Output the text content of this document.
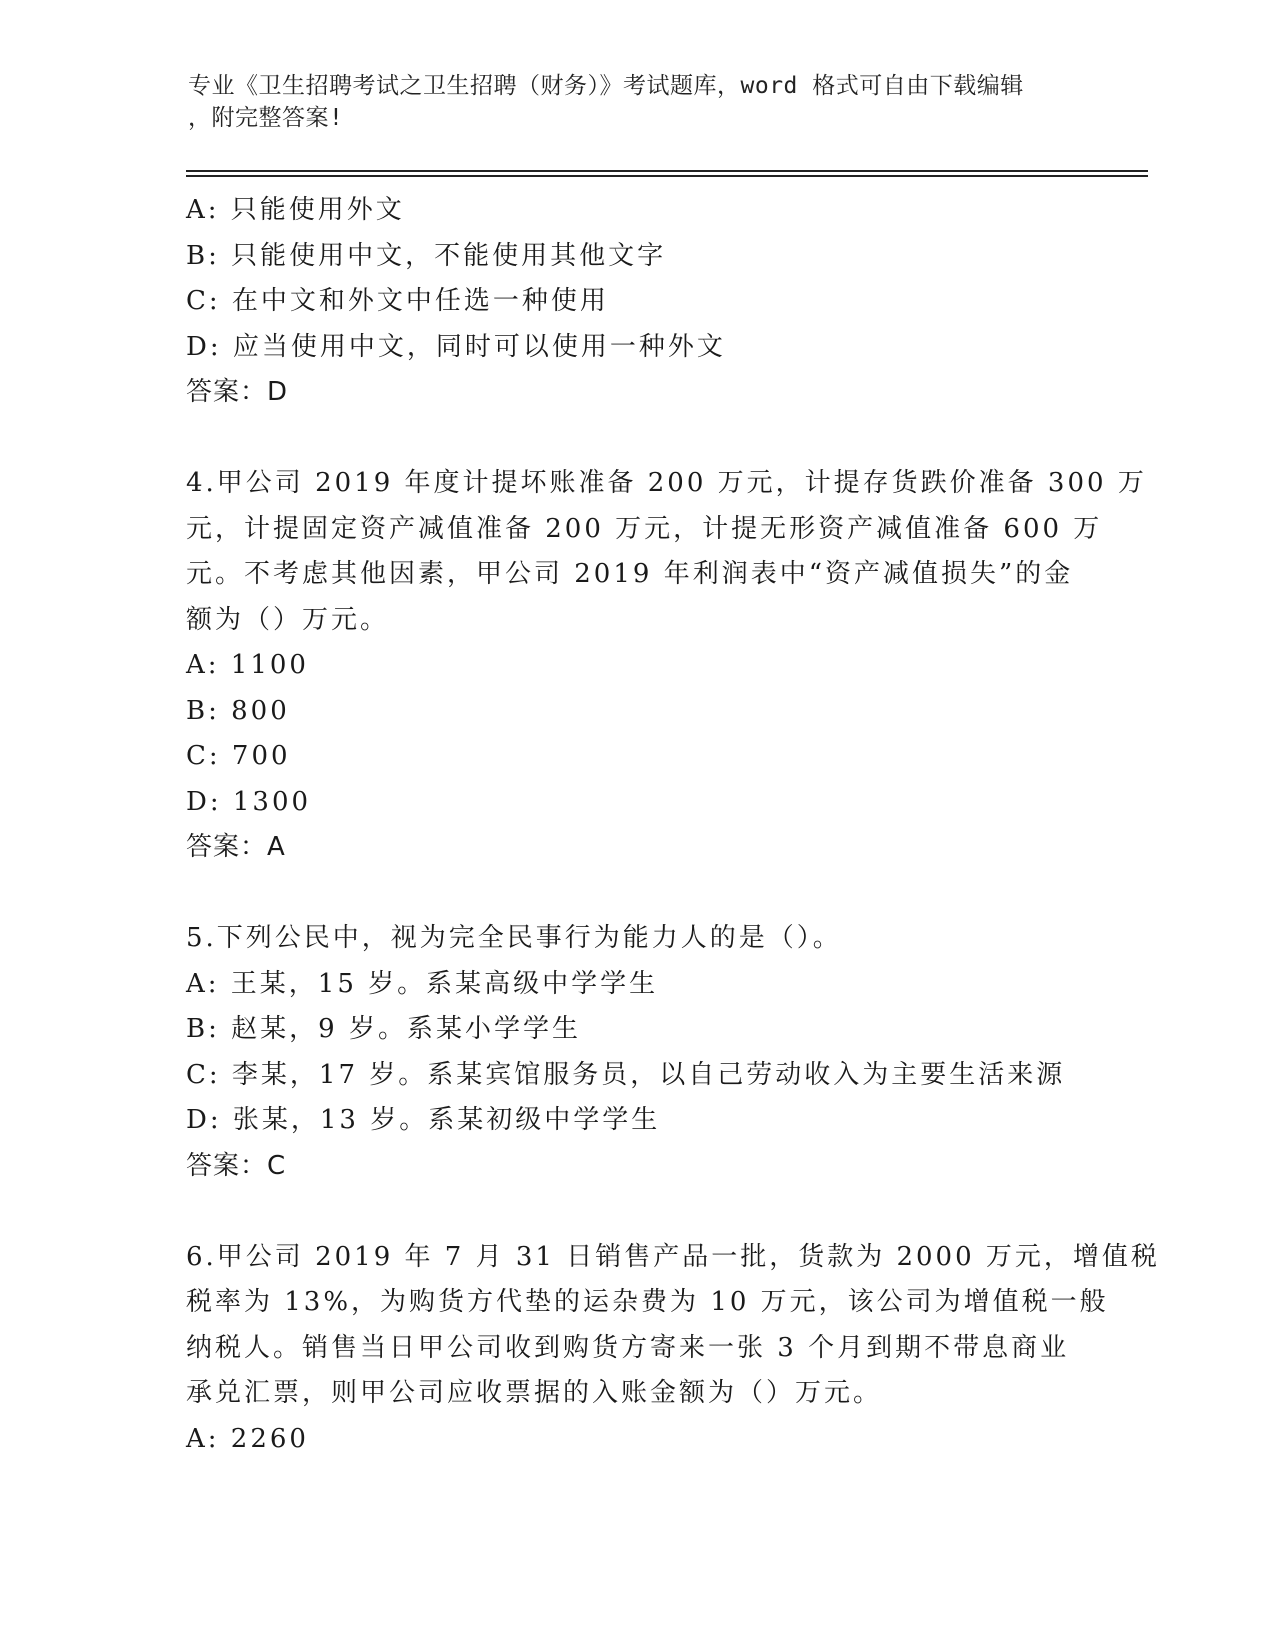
专业《卫生招聘考试之卫生招聘（财务）》考试题库，word 格式可自由下载编辑
，附完整答案!
A: 只能使用外文
B: 只能使用中文，不能使用其他文字
C: 在中文和外文中任选一种使用
D: 应当使用中文，同时可以使用一种外文
答案：D
4.甲公司 2019 年度计提坏账准备 200 万元，计提存货跌价准备 300 万
元，计提固定资产减值准备 200 万元，计提无形资产减值准备 600 万
元。不考虑其他因素，甲公司 2019 年利润表中“资产减值损失”的金
额为（）万元。
A: 1100
B: 800
C: 700
D: 1300
答案：A
5.下列公民中，视为完全民事行为能力人的是（）。
A: 王某，15 岁。系某高级中学学生
B: 赵某，9 岁。系某小学学生
C: 李某，17 岁。系某宾馆服务员，以自己劳动收入为主要生活来源
D: 张某，13 岁。系某初级中学学生
答案：C
6.甲公司 2019 年 7 月 31 日销售产品一批，货款为 2000 万元，增值税
税率为 13%，为购货方代垫的运杂费为 10 万元，该公司为增值税一般
纳税人。销售当日甲公司收到购货方寄来一张 3 个月到期不带息商业
承兑汇票，则甲公司应收票据的入账金额为（）万元。
A: 2260
